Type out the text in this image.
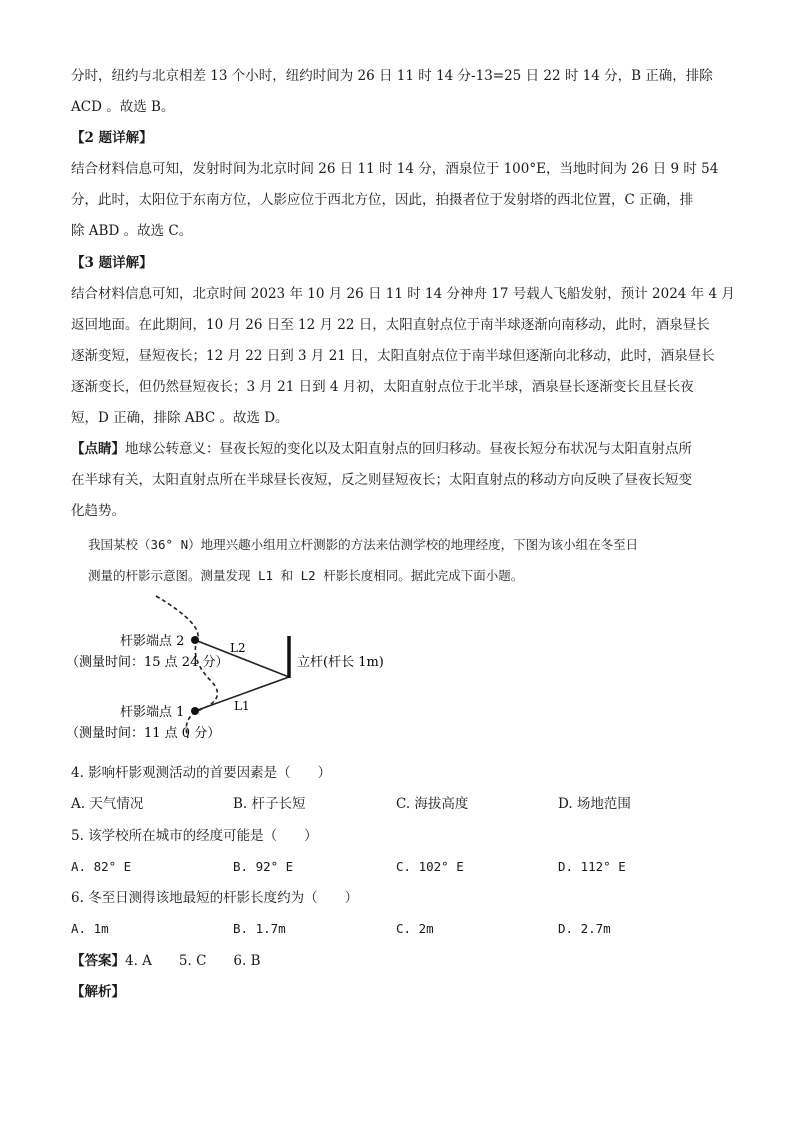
分时，纽约与北京相差 13 个小时，纽约时间为 26 日 11 时 14 分-13=25 日 22 时 14 分，B 正确，排除
ACD 。故选 B。
【2 题详解】
结合材料信息可知，发射时间为北京时间 26 日 11 时 14 分，酒泉位于 100°E，当地时间为 26 日 9 时 54
分，此时，太阳位于东南方位，人影应位于西北方位，因此，拍摄者位于发射塔的西北位置，C 正确，排
除 ABD 。故选 C。
【3 题详解】
结合材料信息可知，北京时间 2023 年 10 月 26 日 11 时 14 分神舟 17 号载人飞船发射，预计 2024 年 4 月
返回地面。在此期间，10 月 26 日至 12 月 22 日，太阳直射点位于南半球逐渐向南移动，此时，酒泉昼长
逐渐变短，昼短夜长；12 月 22 日到 3 月 21 日，太阳直射点位于南半球但逐渐向北移动，此时，酒泉昼长
逐渐变长，但仍然昼短夜长；3 月 21 日到 4 月初，太阳直射点位于北半球，酒泉昼长逐渐变长且昼长夜
短，D 正确，排除 ABC 。故选 D。
【点睛】地球公转意义：昼夜长短的变化以及太阳直射点的回归移动。昼夜长短分布状况与太阳直射点所
在半球有关，太阳直射点所在半球昼长夜短，反之则昼短夜长；太阳直射点的移动方向反映了昼夜长短变
化趋势。
我国某校（36° N）地理兴趣小组用立杆测影的方法来估测学校的地理经度，下图为该小组在冬至日
测量的杆影示意图。测量发现 L1 和 L2 杆影长度相同。据此完成下面小题。
杆影端点 2
（测量时间：15 点 24 分）
杆影端点 1
（测量时间：11 点 0 分）
L2
L1
立杆(杆长 1m)
4. 影响杆影观测活动的首要因素是（　　）
A. 天气情况	B. 杆子长短	C. 海拔高度	D. 场地范围
5. 该学校所在城市的经度可能是（　　）
A. 82° E	B. 92° E	C. 102° E	D. 112° E
6. 冬至日测得该地最短的杆影长度约为（　　）
A. 1m	B. 1.7m	C. 2m	D. 2.7m
【答案】4. A　　5. C　　6. B
【解析】
